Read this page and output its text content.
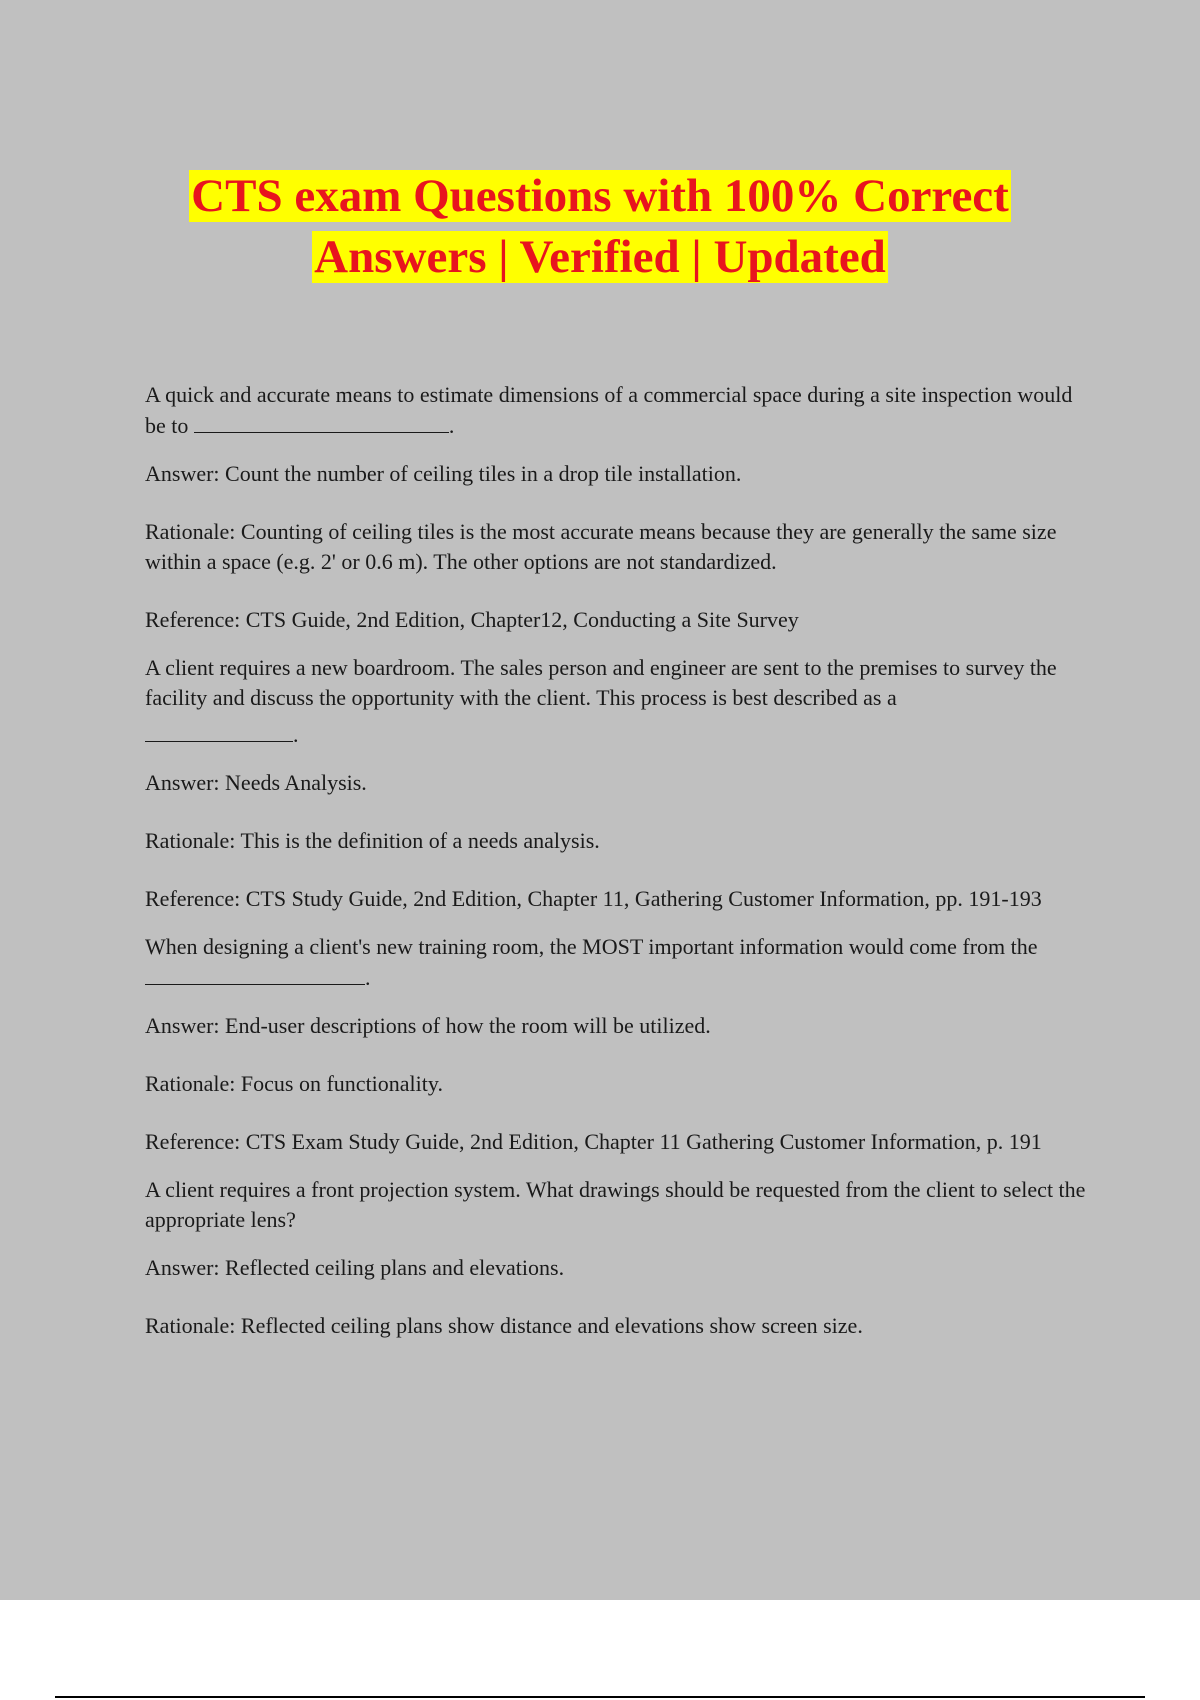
CTS exam Questions with 100% Correct
Answers | Verified | Updated

A quick and accurate means to estimate dimensions of a commercial space during a site inspection would be to	.

Answer: Count the number of ceiling tiles in a drop tile installation.

Rationale: Counting of ceiling tiles is the most accurate means because they are generally the same size within a space (e.g. 2' or 0.6 m). The other options are not standardized.

Reference: CTS Guide, 2nd Edition, Chapter12, Conducting a Site Survey

A client requires a new boardroom. The sales person and engineer are sent to the premises to survey the facility and discuss the opportunity with the client. This process is best described as a

.

Answer: Needs Analysis.

Rationale: This is the definition of a needs analysis.

Reference: CTS Study Guide, 2nd Edition, Chapter 11, Gathering Customer Information, pp. 191-193

When designing a client's new training room, the MOST important information would come from the .

Answer: End-user descriptions of how the room will be utilized.

Rationale: Focus on functionality.

Reference: CTS Exam Study Guide, 2nd Edition, Chapter 11 Gathering Customer Information, p. 191

A client requires a front projection system. What drawings should be requested from the client to select the appropriate lens?

Answer: Reflected ceiling plans and elevations.

Rationale: Reflected ceiling plans show distance and elevations show screen size.
